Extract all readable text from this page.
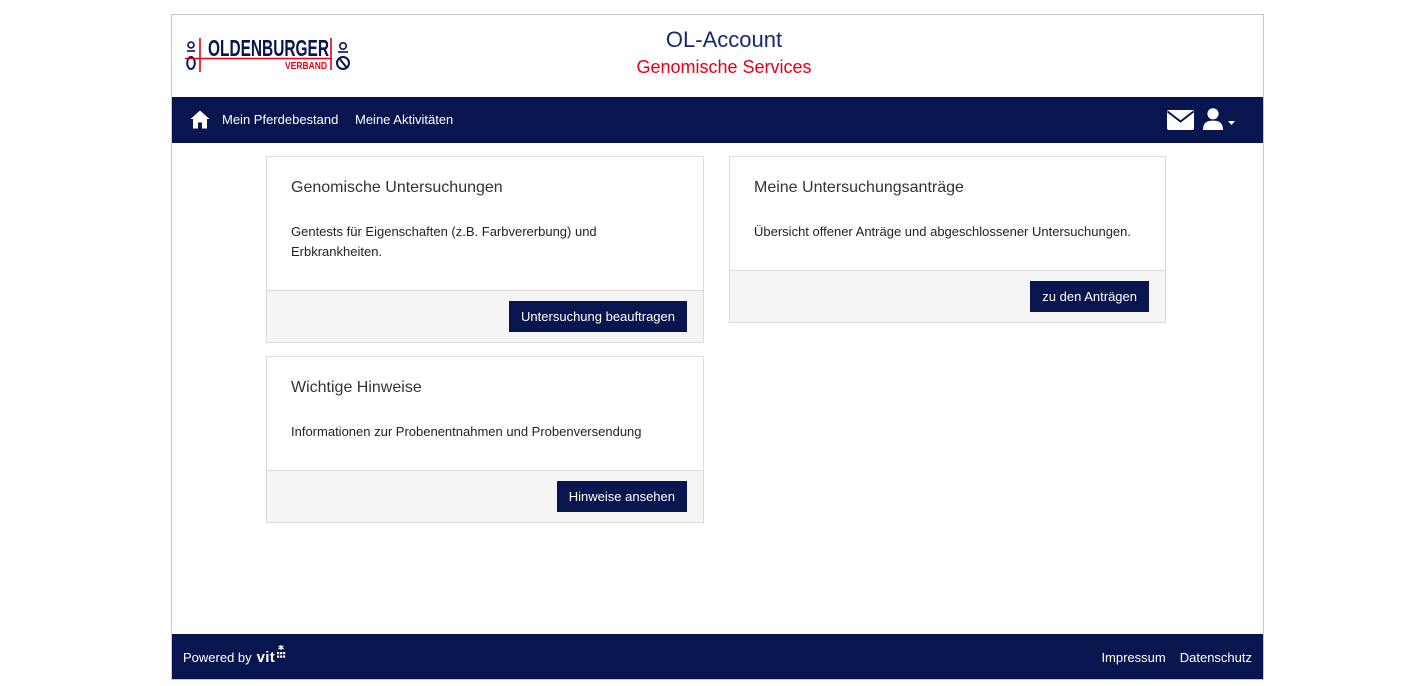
OLDENBURGER
VERBAND
OL-Account
Genomische Services
Mein Pferdebestand Meine Aktivitäten
Genomische Untersuchungen
Gentests für Eigenschaften (z.B. Farbvererbung) und Erbkrankheiten.
Untersuchung beauftragen
Meine Untersuchungsanträge
Übersicht offener Anträge und abgeschlossener Untersuchungen.
zu den Anträgen
Wichtige Hinweise
Informationen zur Probenentnahmen und Probenversendung
Hinweise ansehen
Powered by vit	Impressum Datenschutz
